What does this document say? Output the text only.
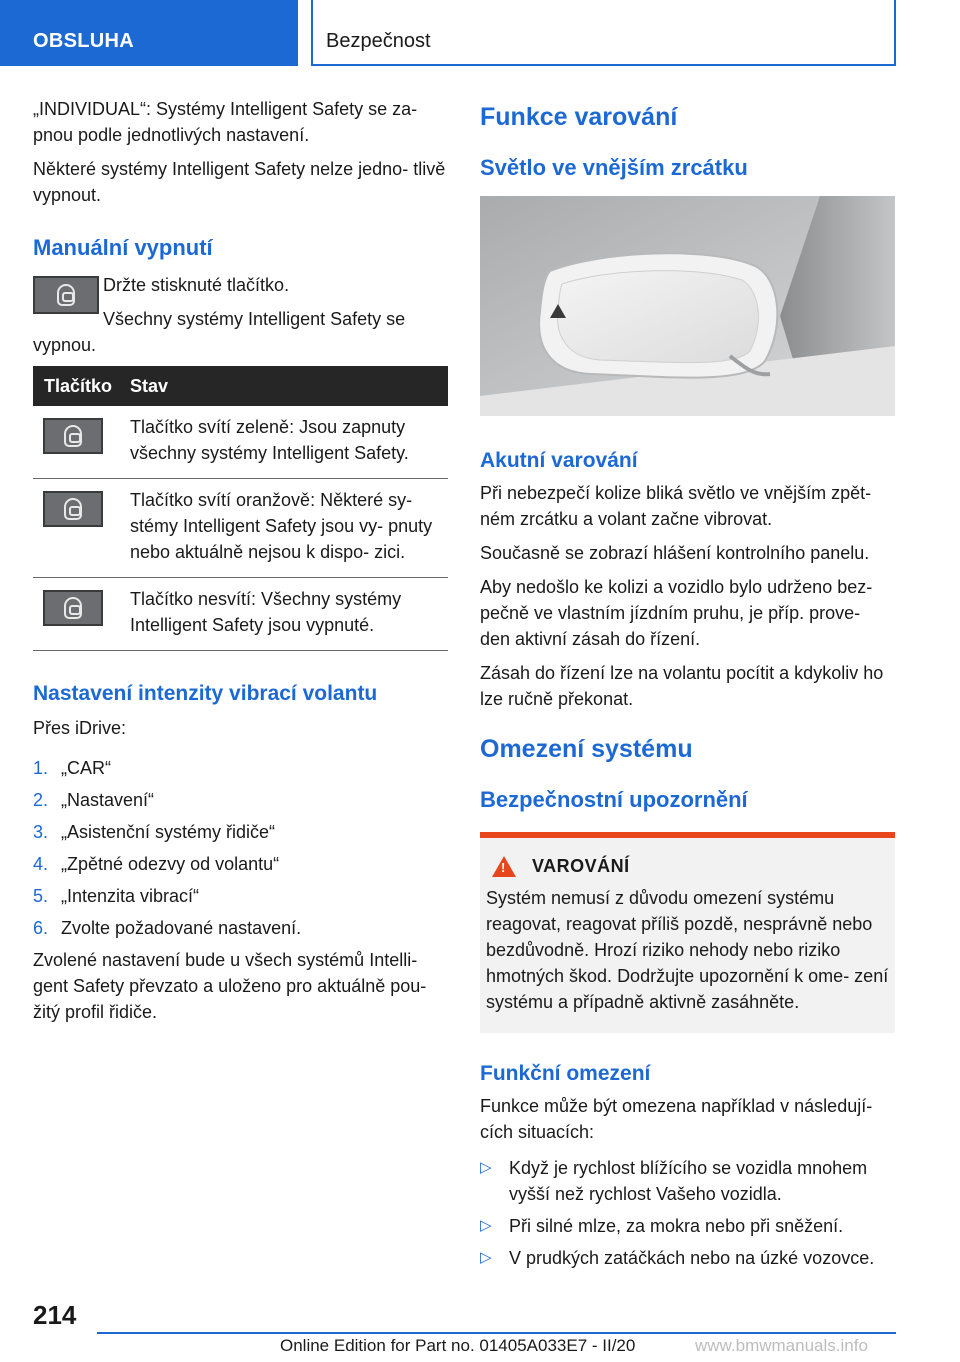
OBSLUHA	Bezpečnost

„INDIVIDUAL“: Systémy Intelligent Safety se za- pnou podle jednotlivých nastavení.

Některé systémy Intelligent Safety nelze jedno- tlivě vypnout.

Manuální vypnutí

Držte stisknuté tlačítko.

Všechny systémy Intelligent Safety se vypnou.

Tlačítko	Stav

	Tlačítko svítí zeleně: Jsou zapnuty všechny systémy Intelligent Safety.

	Tlačítko svítí oranžově: Některé sy- stémy Intelligent Safety jsou vy- pnuty nebo aktuálně nejsou k dispo- zici.

	Tlačítko nesvítí: Všechny systémy Intelligent Safety jsou vypnuté.
Nastavení intenzity vibrací volantu

Přes iDrive:

1. „CAR“
2. „Nastavení“
3. „Asistenční systémy řidiče“
4. „Zpětné odezvy od volantu“
5. „Intenzita vibrací“
6. Zvolte požadované nastavení.

Zvolené nastavení bude u všech systémů Intelli- gent Safety převzato a uloženo pro aktuálně pou- žitý profil řidiče.

Funkce varování
Světlo ve vnějším zrcátku
Akutní varování

Při nebezpečí kolize bliká světlo ve vnějším zpět- ném zrcátku a volant začne vibrovat.

Současně se zobrazí hlášení kontrolního panelu.

Aby nedošlo ke kolizi a vozidlo bylo udrženo bez- pečně ve vlastním jízdním pruhu, je příp. prove- den aktivní zásah do řízení.

Zásah do řízení lze na volantu pocítit a kdykoliv ho lze ručně překonat.

Omezení systému
Bezpečnostní upozornění
!
VAROVÁNÍ

Systém nemusí z důvodu omezení systému reagovat, reagovat příliš pozdě, nesprávně nebo bezdůvodně. Hrozí riziko nehody nebo riziko hmotných škod. Dodržujte upozornění k ome- zení systému a případně aktivně zasáhněte.

Funkční omezení

Funkce může být omezena například v následují- cích situacích:

▷ Když je rychlost blížícího se vozidla mnohem vyšší než rychlost Vašeho vozidla.
▷ Při silné mlze, za mokra nebo při sněžení.
▷ V prudkých zatáčkách nebo na úzké vozovce.
214
Online Edition for Part no. 01405A033E7 - II/20	www.bmwmanuals.info
